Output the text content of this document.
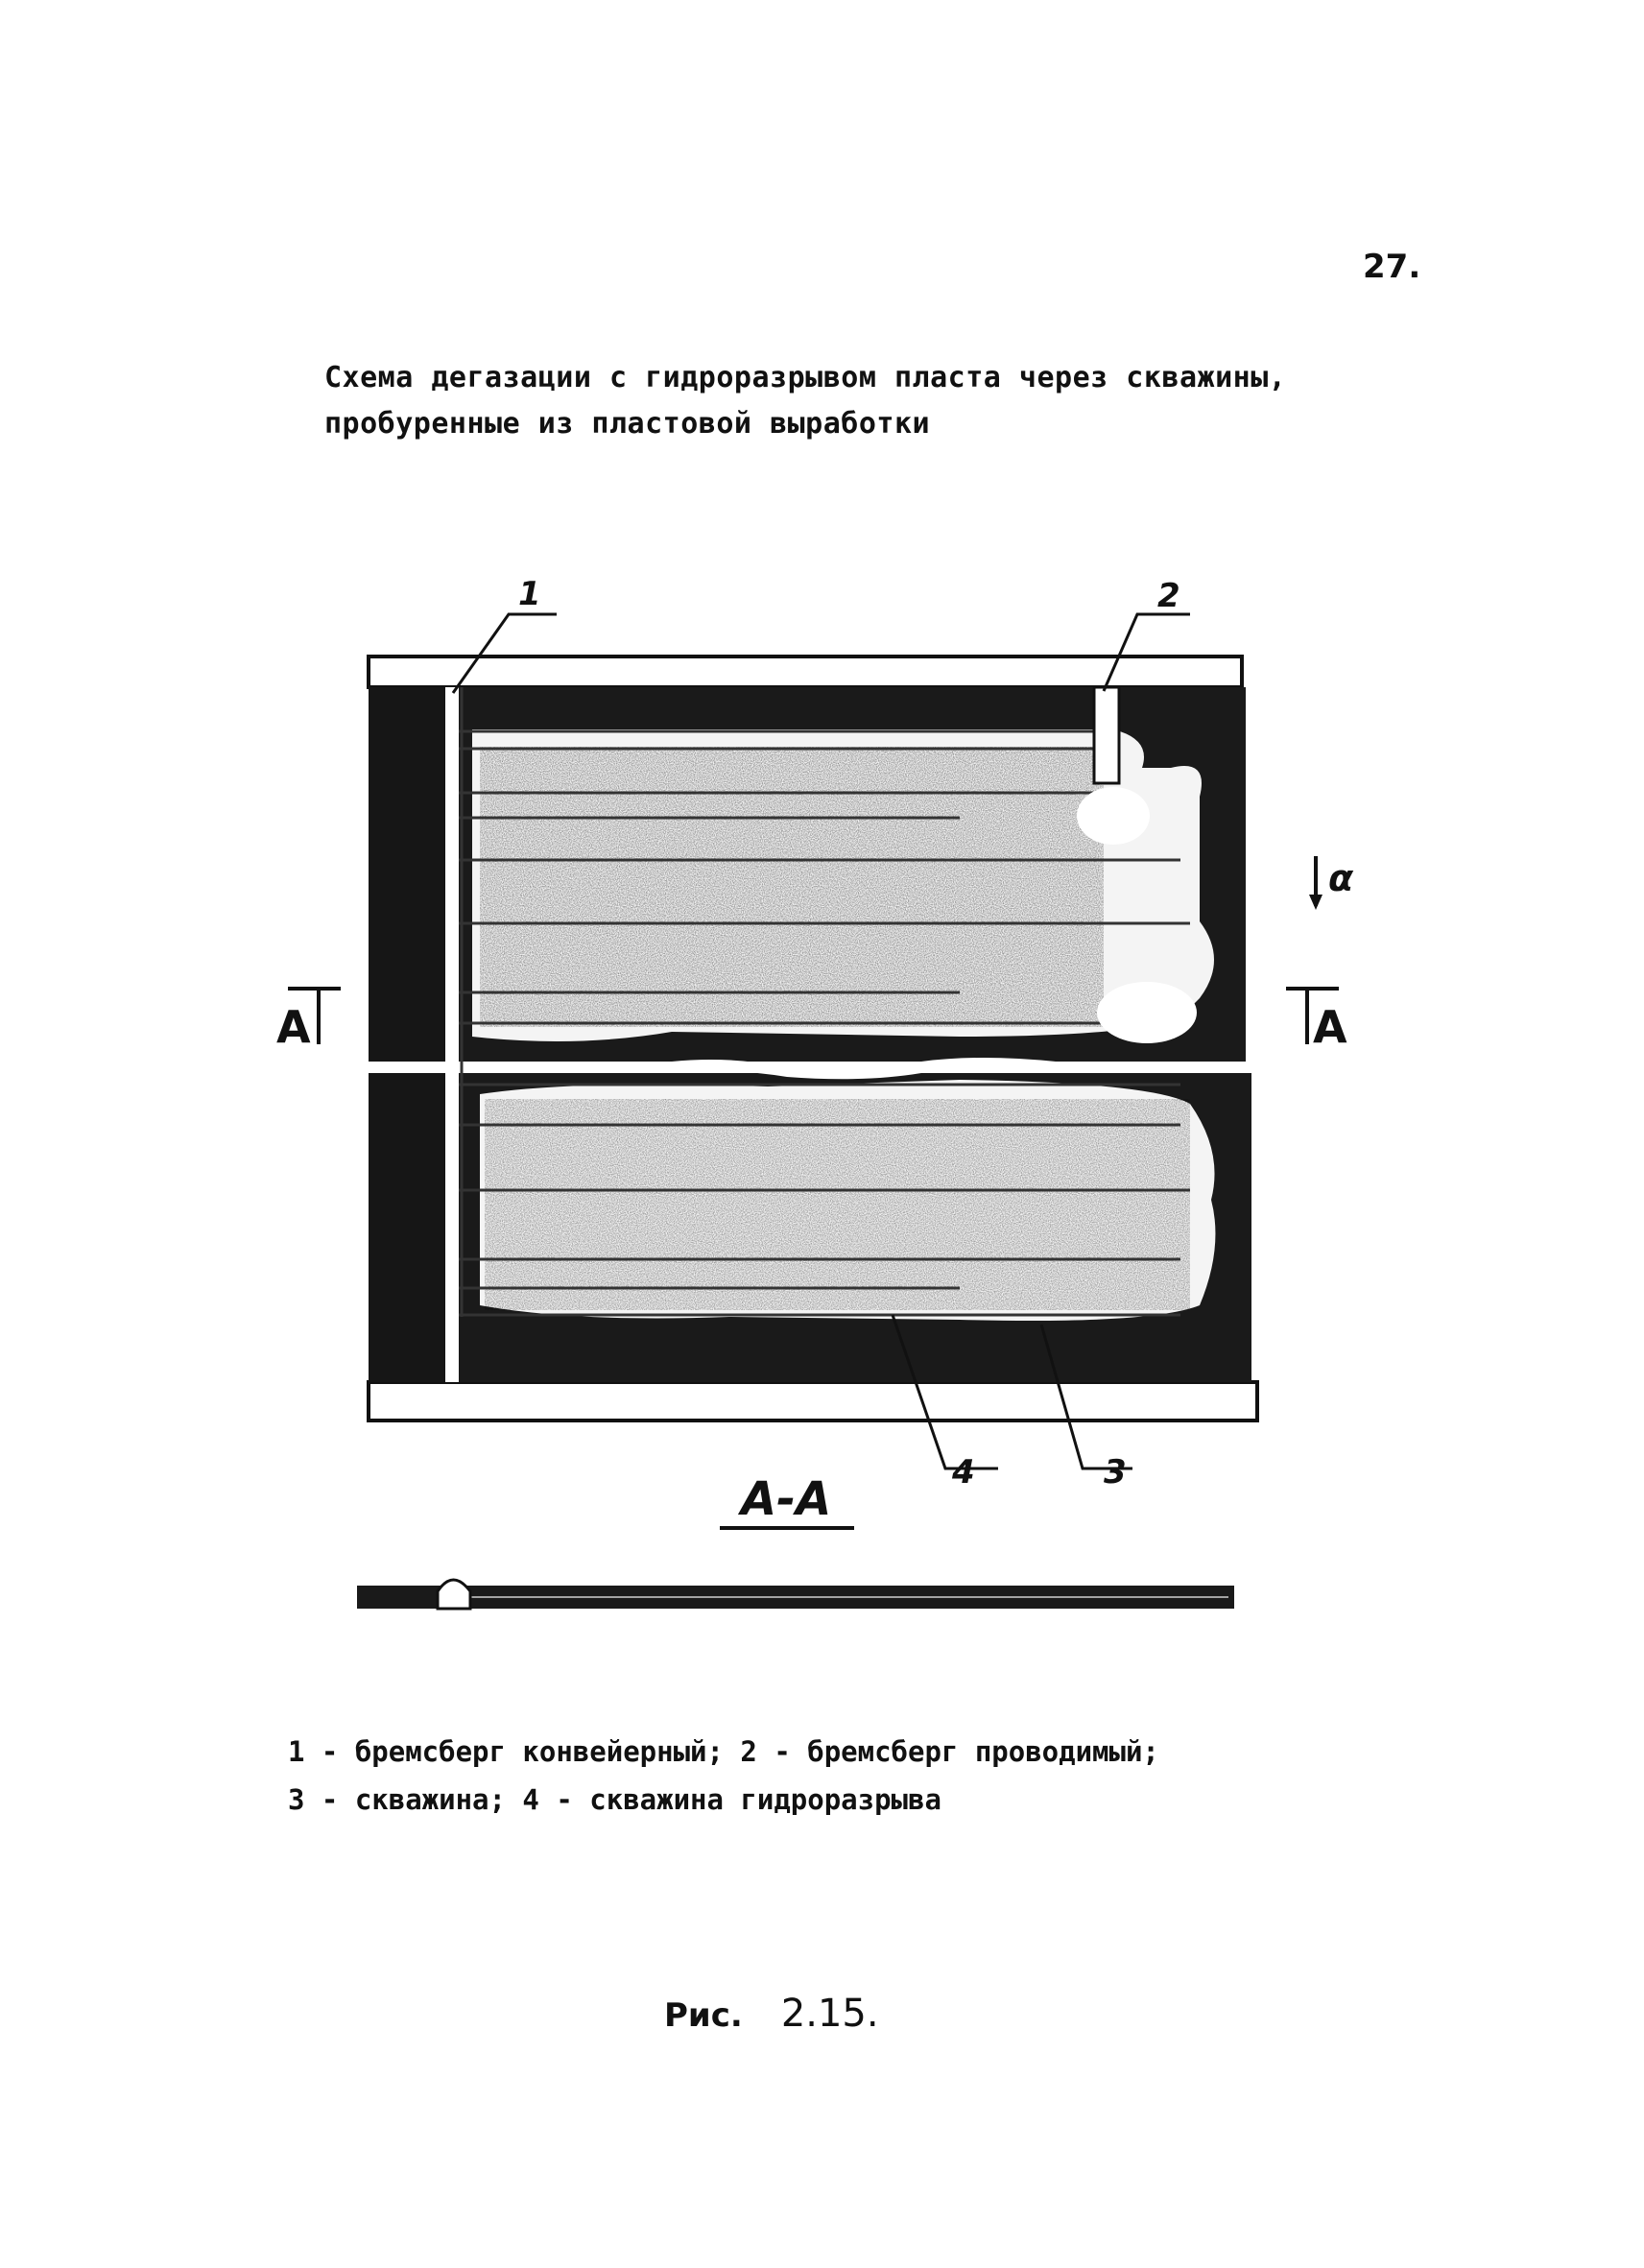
27.
Схема дегазации с гидроразрывом пласта через скважины,
пробуренные из пластовой выработки
1	2
4	3
A	A
α
А-А
1 - бремсберг конвейерный; 2 - бремсберг проводимый;
3 - скважина; 4 - скважина гидроразрыва
Рис. 2.15.
